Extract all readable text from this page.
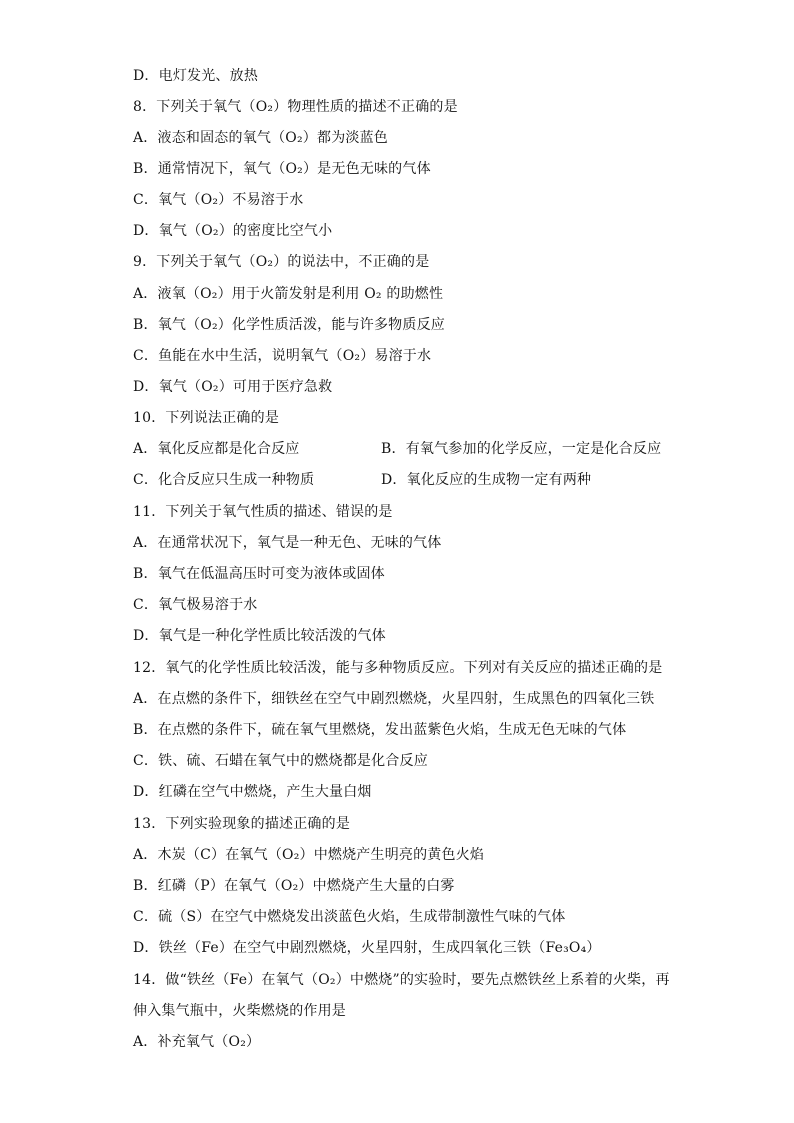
D．电灯发光、放热
8．下列关于氧气（O₂）物理性质的描述不正确的是
A．液态和固态的氧气（O₂）都为淡蓝色
B．通常情况下，氧气（O₂）是无色无味的气体
C．氧气（O₂）不易溶于水
D．氧气（O₂）的密度比空气小
9．下列关于氧气（O₂）的说法中，不正确的是
A．液氧（O₂）用于火箭发射是利用 O₂ 的助燃性
B．氧气（O₂）化学性质活泼，能与许多物质反应
C．鱼能在水中生活，说明氧气（O₂）易溶于水
D．氧气（O₂）可用于医疗急救
10．下列说法正确的是
A．氧化反应都是化合反应	B．有氧气参加的化学反应，一定是化合反应
C．化合反应只生成一种物质	D．氧化反应的生成物一定有两种
11．下列关于氧气性质的描述、错误的是
A．在通常状况下，氧气是一种无色、无味的气体
B．氧气在低温高压时可变为液体或固体
C．氧气极易溶于水
D．氧气是一种化学性质比较活泼的气体
12．氧气的化学性质比较活泼，能与多种物质反应。下列对有关反应的描述正确的是
A．在点燃的条件下，细铁丝在空气中剧烈燃烧，火星四射，生成黑色的四氧化三铁
B．在点燃的条件下，硫在氧气里燃烧，发出蓝紫色火焰，生成无色无味的气体
C．铁、硫、石蜡在氧气中的燃烧都是化合反应
D．红磷在空气中燃烧，产生大量白烟
13．下列实验现象的描述正确的是
A．木炭（C）在氧气（O₂）中燃烧产生明亮的黄色火焰
B．红磷（P）在氧气（O₂）中燃烧产生大量的白雾
C．硫（S）在空气中燃烧发出淡蓝色火焰，生成带制激性气味的气体
D．铁丝（Fe）在空气中剧烈燃烧，火星四射，生成四氧化三铁（Fe₃O₄）
14．做“铁丝（Fe）在氧气（O₂）中燃烧”的实验时，要先点燃铁丝上系着的火柴，再
伸入集气瓶中，火柴燃烧的作用是
A．补充氧气（O₂）
